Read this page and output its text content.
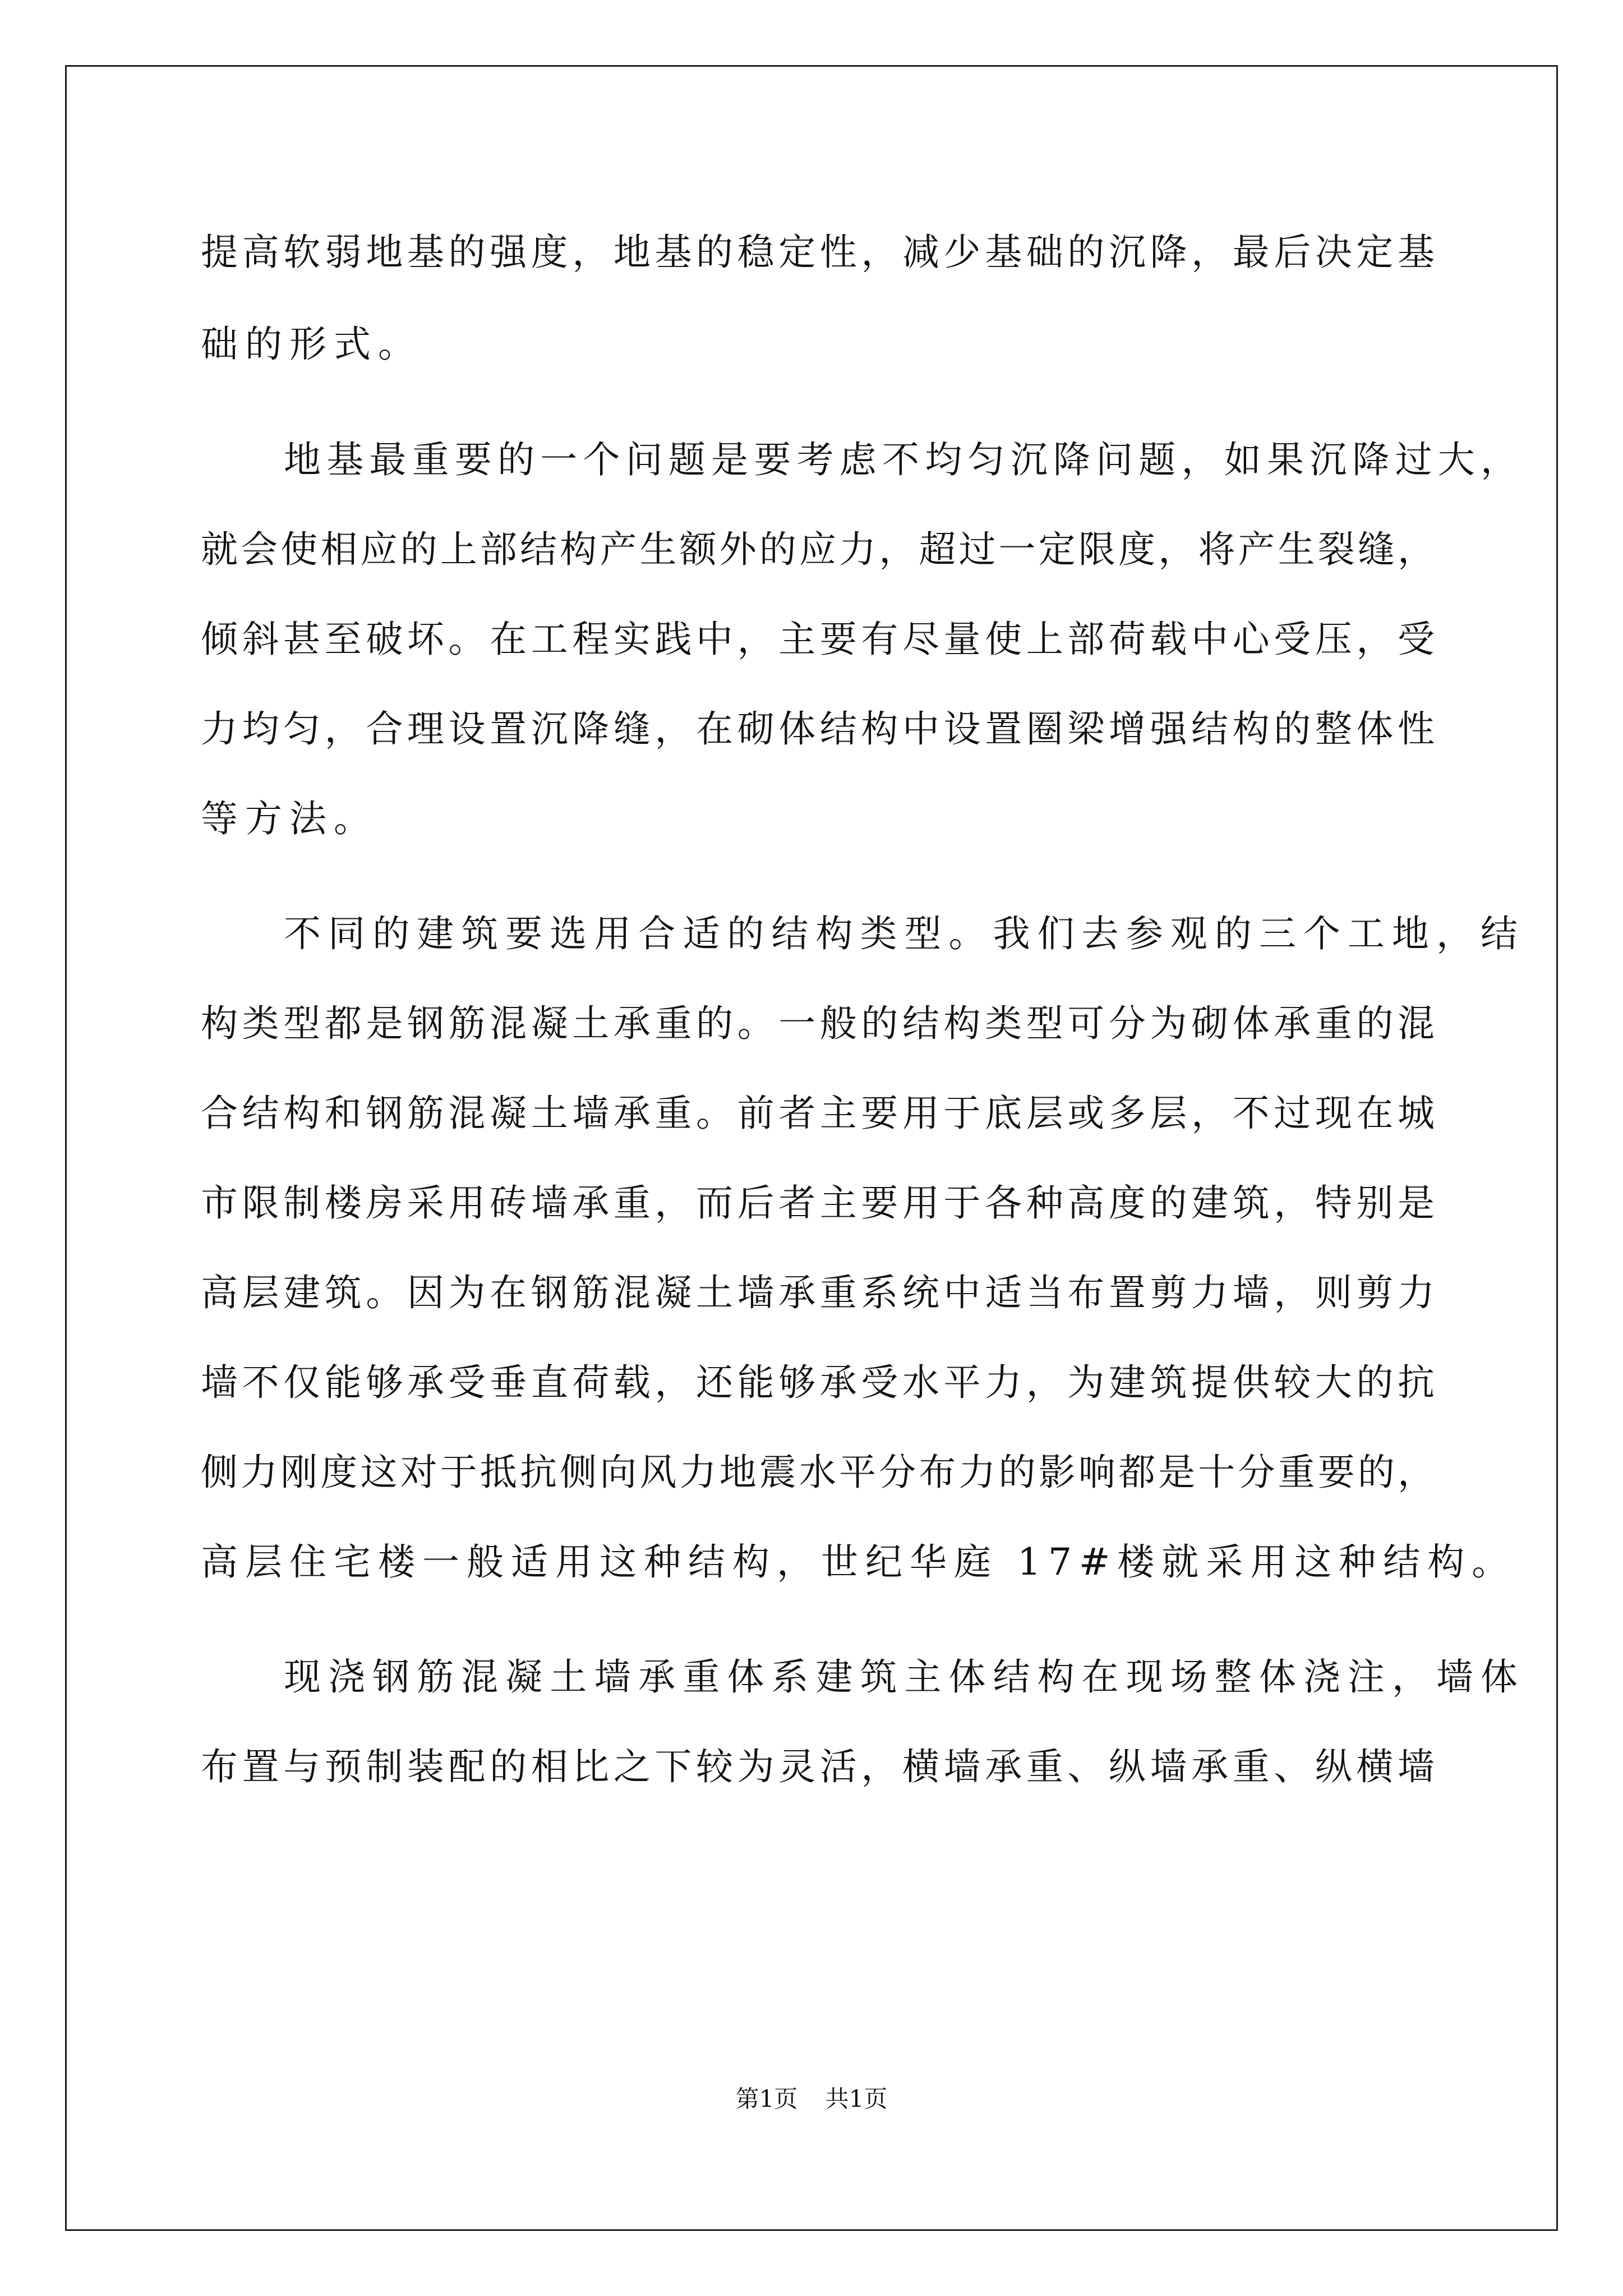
提高软弱地基的强度，地基的稳定性，减少基础的沉降，最后决定基
础的形式。
地基最重要的一个问题是要考虑不均匀沉降问题，如果沉降过大，
就会使相应的上部结构产生额外的应力，超过一定限度，将产生裂缝，
倾斜甚至破坏。在工程实践中，主要有尽量使上部荷载中心受压，受
力均匀，合理设置沉降缝，在砌体结构中设置圈梁增强结构的整体性
等方法。
不同的建筑要选用合适的结构类型。我们去参观的三个工地，结
构类型都是钢筋混凝土承重的。一般的结构类型可分为砌体承重的混
合结构和钢筋混凝土墙承重。前者主要用于底层或多层，不过现在城
市限制楼房采用砖墙承重，而后者主要用于各种高度的建筑，特别是
高层建筑。因为在钢筋混凝土墙承重系统中适当布置剪力墙，则剪力
墙不仅能够承受垂直荷载，还能够承受水平力，为建筑提供较大的抗
侧力刚度这对于抵抗侧向风力地震水平分布力的影响都是十分重要的，
高层住宅楼一般适用这种结构，世纪华庭 17#楼就采用这种结构。
现浇钢筋混凝土墙承重体系建筑主体结构在现场整体浇注，墙体
布置与预制装配的相比之下较为灵活，横墙承重、纵墙承重、纵横墙
第1页 共1页
